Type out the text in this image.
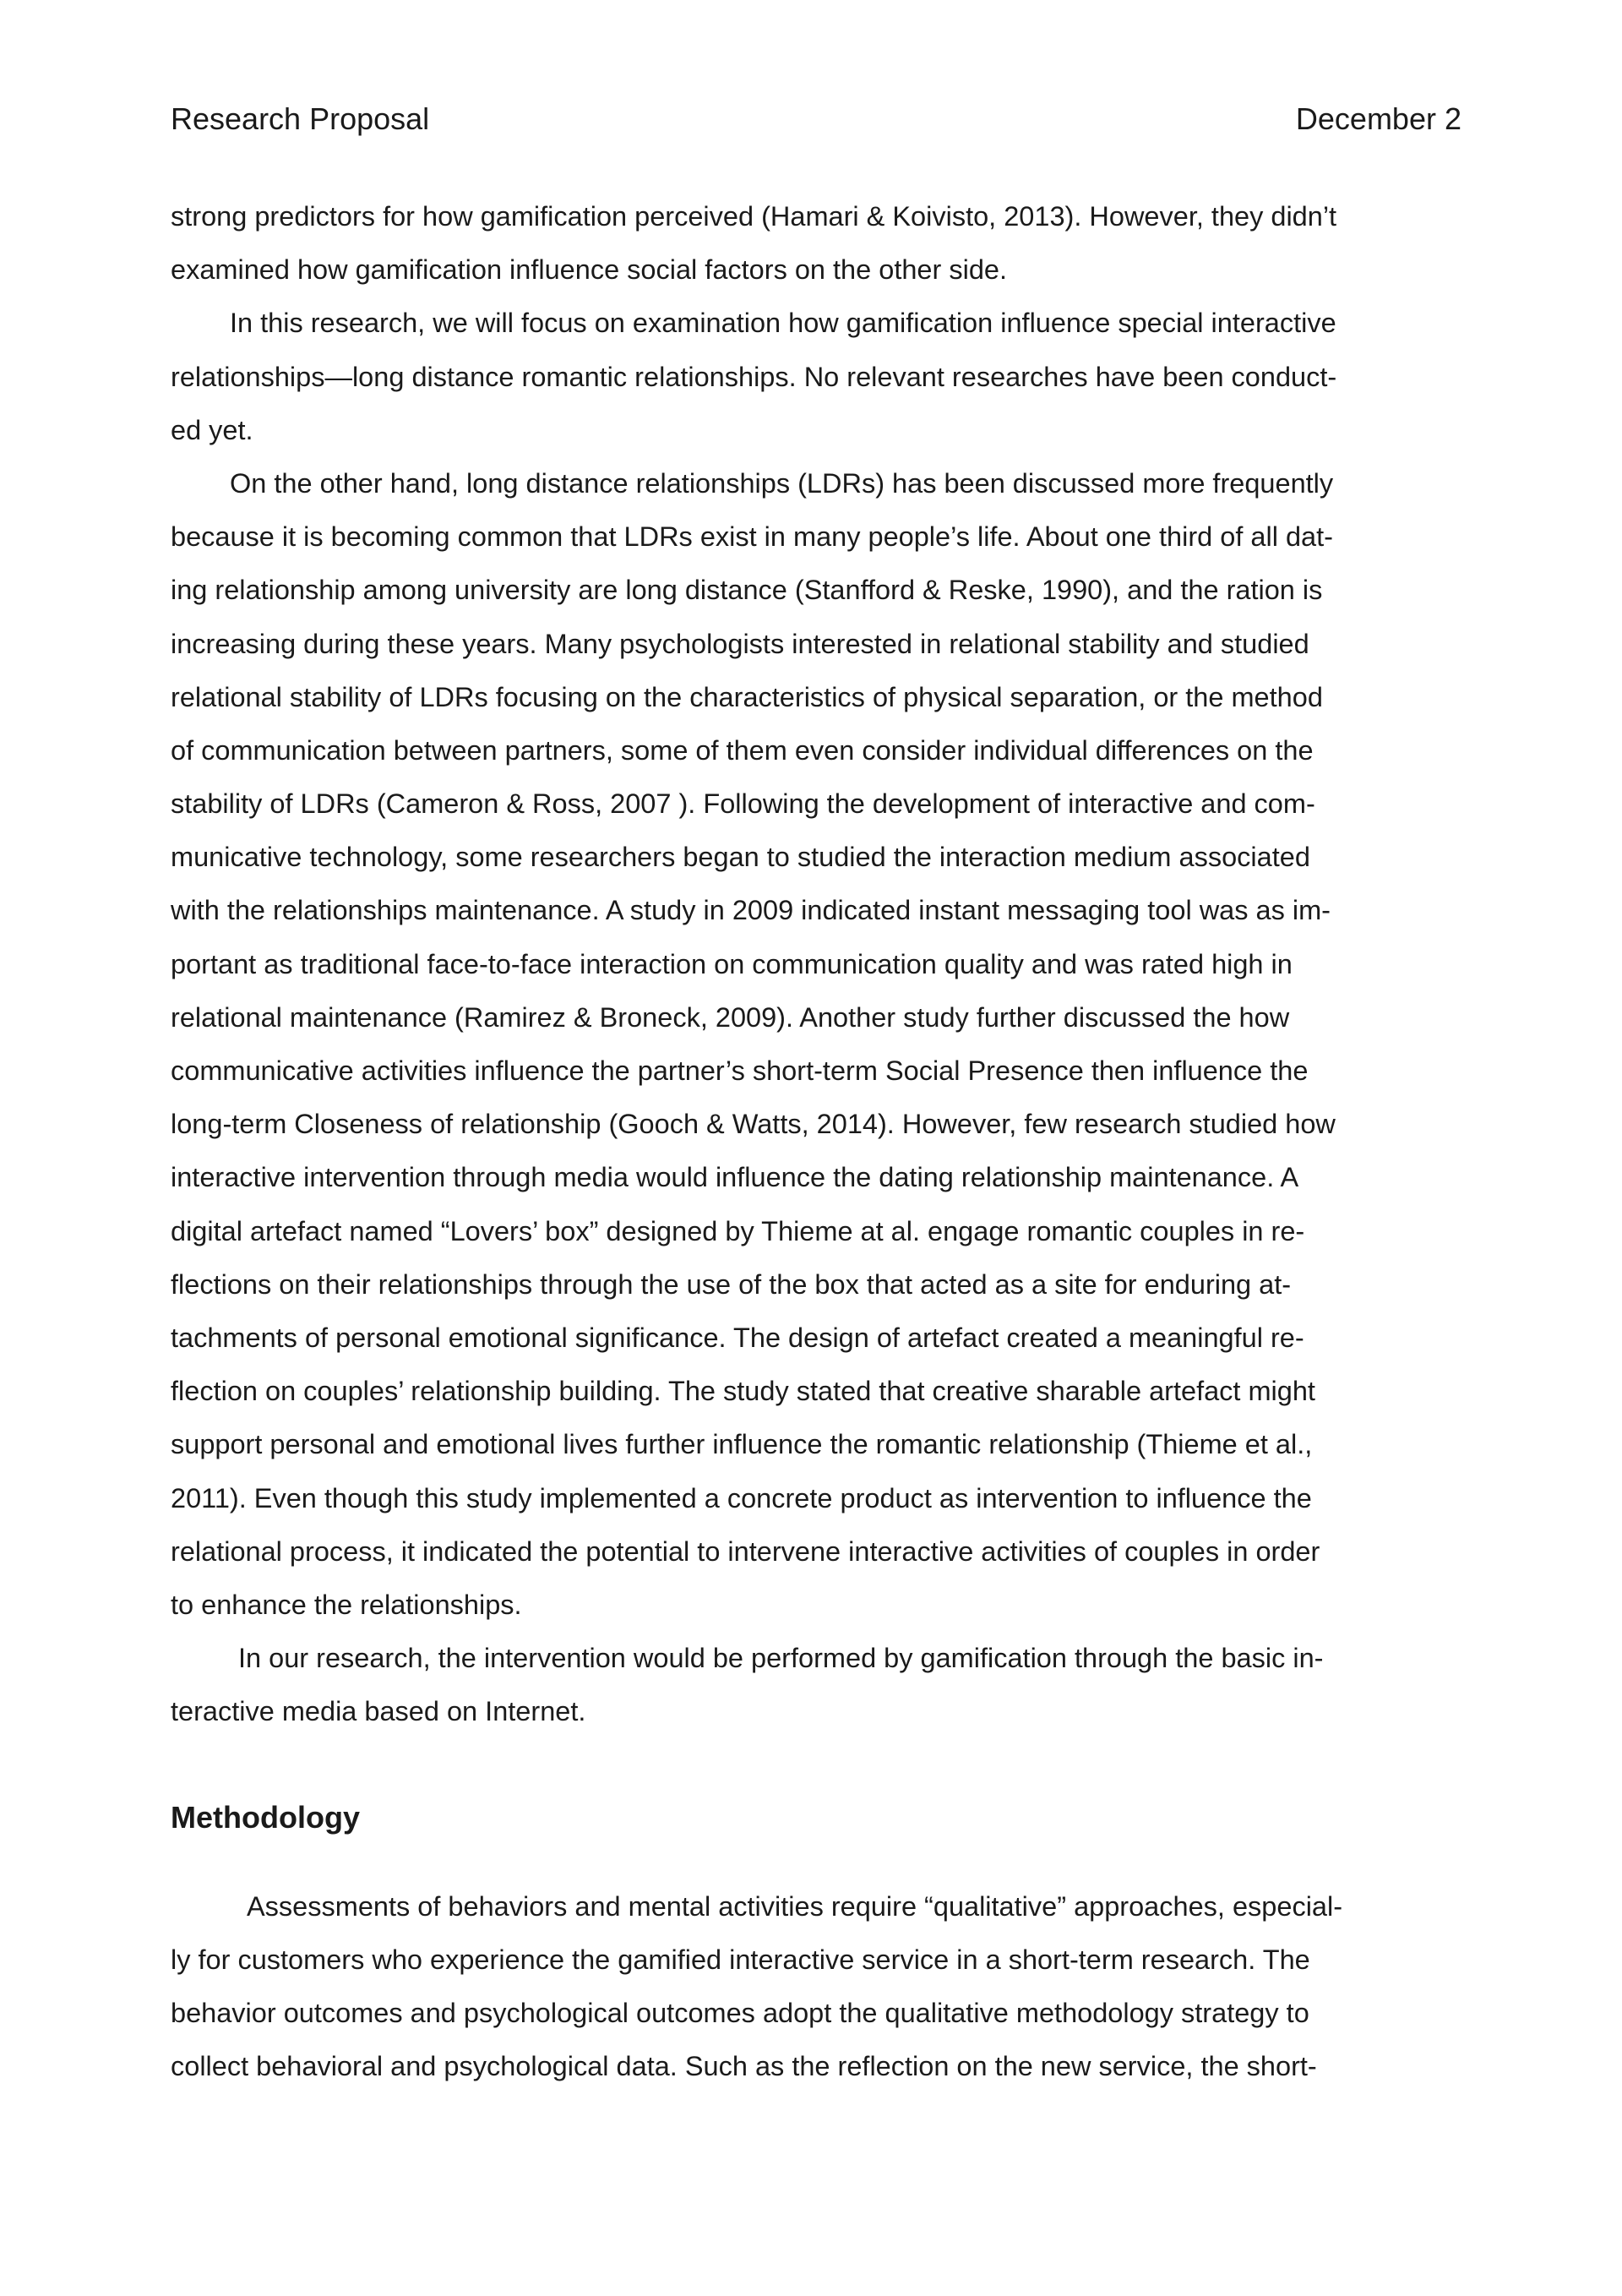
Research Proposal	December 2
strong predictors for how gamification perceived (Hamari & Koivisto, 2013). However, they didn’t
examined how gamification influence social factors on the other side.
In this research, we will focus on examination how gamification influence special interactive
relationships—long distance romantic relationships. No relevant researches have been conduct-
ed yet.
On the other hand, long distance relationships (LDRs) has been discussed more frequently
because it is becoming common that LDRs exist in many people’s life. About one third of all dat-
ing relationship among university are long distance (Stanfford & Reske, 1990), and the ration is
increasing during these years. Many psychologists interested in relational stability and studied
relational stability of LDRs focusing on the characteristics of physical separation, or the method
of communication between partners, some of them even consider individual differences on the
stability of LDRs (Cameron & Ross, 2007 ). Following the development of interactive and com-
municative technology, some researchers began to studied the interaction medium associated
with the relationships maintenance. A study in 2009 indicated instant messaging tool was as im-
portant as traditional face-to-face interaction on communication quality and was rated high in
relational maintenance (Ramirez & Broneck, 2009). Another study further discussed the how
communicative activities influence the partner’s short-term Social Presence then influence the
long-term Closeness of relationship (Gooch & Watts, 2014). However, few research studied how
interactive intervention through media would influence the dating relationship maintenance. A
digital artefact named “Lovers’ box” designed by Thieme at al. engage romantic couples in re-
flections on their relationships through the use of the box that acted as a site for enduring at-
tachments of personal emotional significance. The design of artefact created a meaningful re-
flection on couples’ relationship building. The study stated that creative sharable artefact might
support personal and emotional lives further influence the romantic relationship (Thieme et al.,
2011). Even though this study implemented a concrete product as intervention to influence the
relational process, it indicated the potential to intervene interactive activities of couples in order
to enhance the relationships.
In our research, the intervention would be performed by gamification through the basic in-
teractive media based on Internet.
Methodology
Assessments of behaviors and mental activities require “qualitative” approaches, especial-
ly for customers who experience the gamified interactive service in a short-term research. The
behavior outcomes and psychological outcomes adopt the qualitative methodology strategy to
collect behavioral and psychological data. Such as the reflection on the new service, the short-
